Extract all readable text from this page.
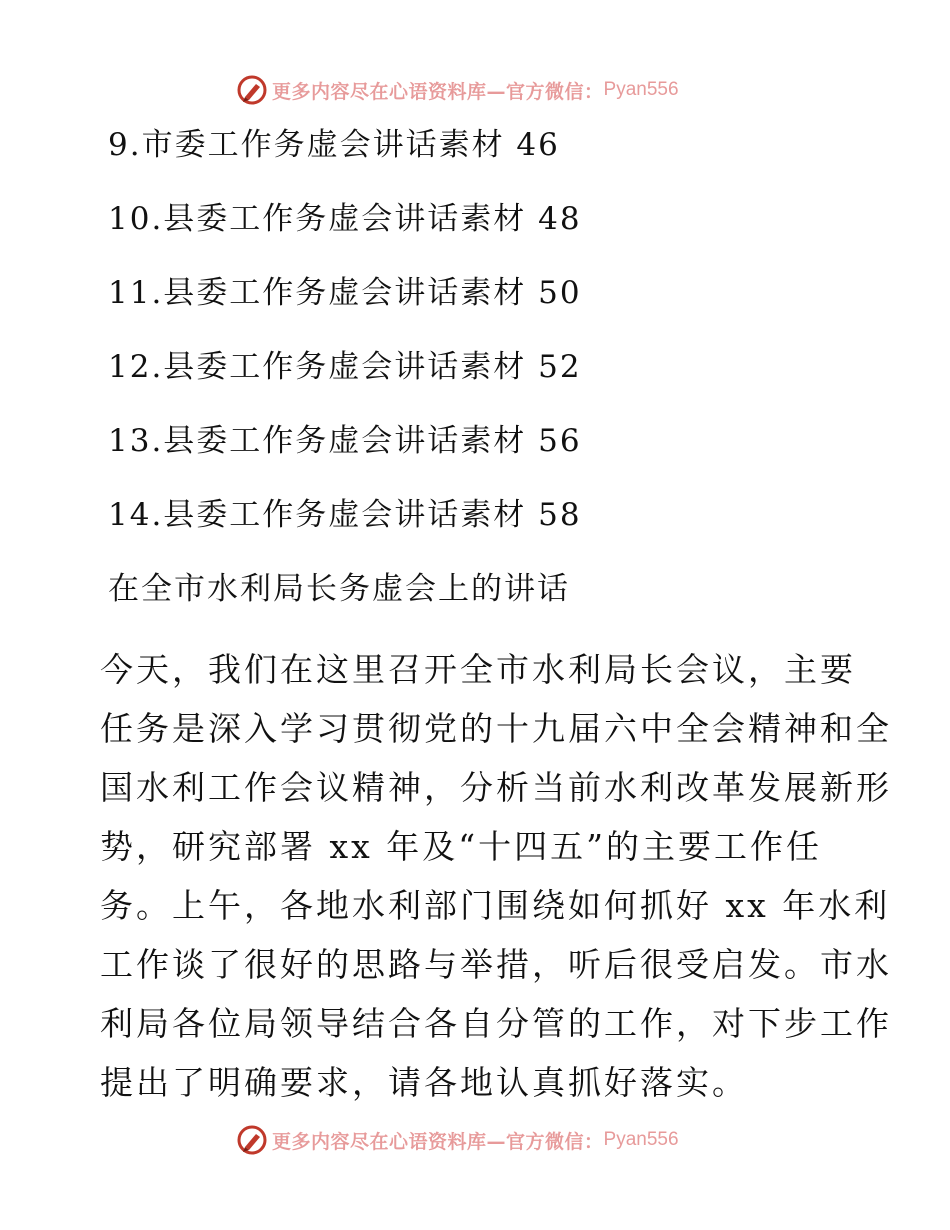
更多内容尽在心语资料库—官方微信： Pyan556
9.市委工作务虚会讲话素材 46
10.县委工作务虚会讲话素材 48
11.县委工作务虚会讲话素材 50
12.县委工作务虚会讲话素材 52
13.县委工作务虚会讲话素材 56
14.县委工作务虚会讲话素材 58
在全市水利局长务虚会上的讲话
今天，我们在这里召开全市水利局长会议，主要
任务是深入学习贯彻党的十九届六中全会精神和全
国水利工作会议精神，分析当前水利改革发展新形
势，研究部署 xx 年及“十四五”的主要工作任
务。上午，各地水利部门围绕如何抓好 xx 年水利
工作谈了很好的思路与举措，听后很受启发。市水
利局各位局领导结合各自分管的工作，对下步工作
提出了明确要求，请各地认真抓好落实。
更多内容尽在心语资料库—官方微信： Pyan556
